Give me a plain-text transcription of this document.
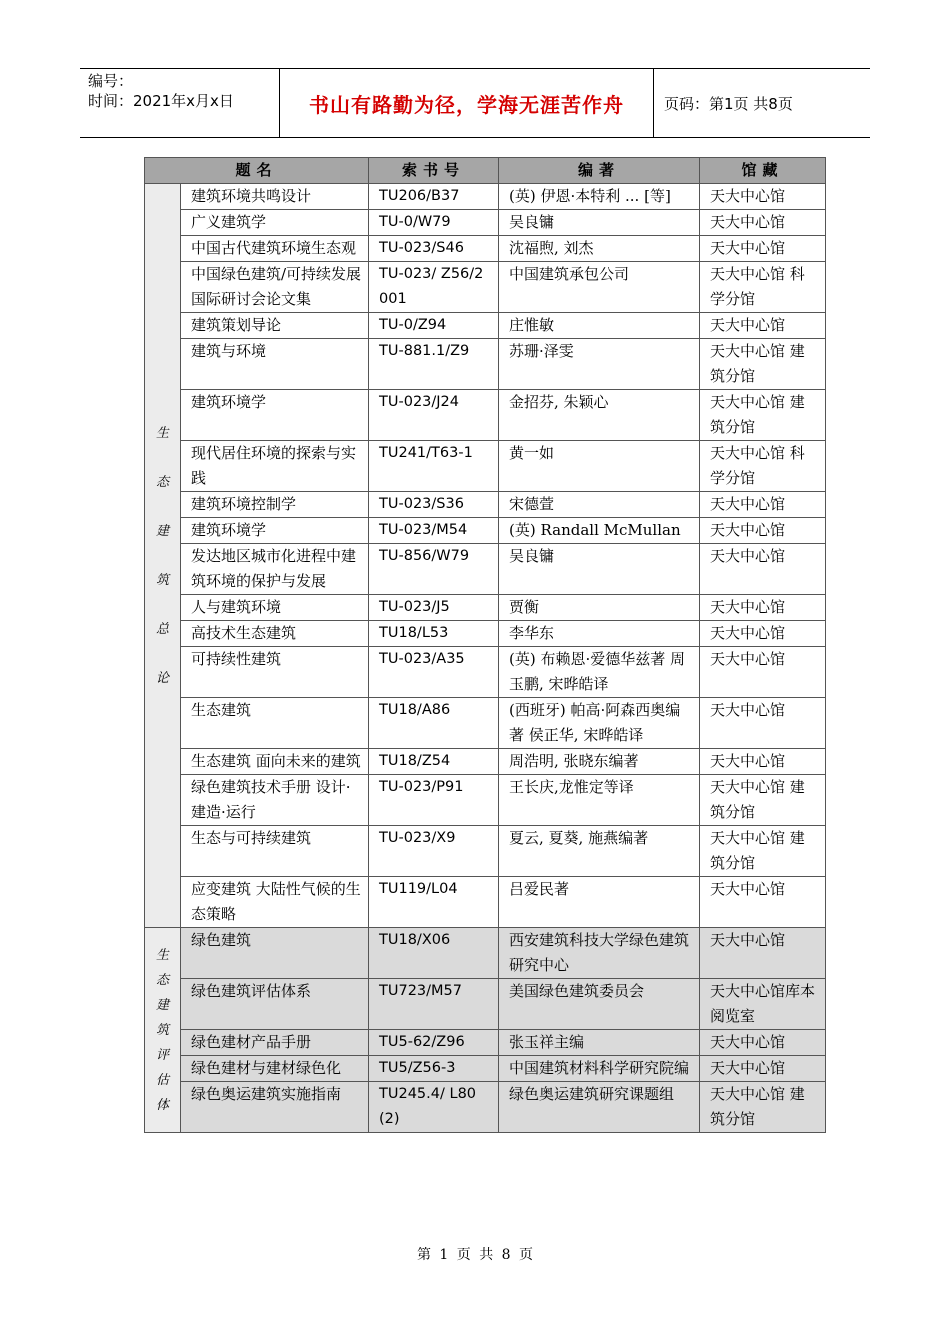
编号：
时间：2021年x月x日	书山有路勤为径，学海无涯苦作舟	页码：第1页 共8页
题名		索书号	编著	馆藏
生态建筑总论	建筑环境共鸣设计	TU206/B37	(英) 伊恩·本特利 ... [等]	天大中心馆
	广义建筑学	TU-0/W79	吴良镛	天大中心馆
	中国古代建筑环境生态观	TU-023/S46	沈福煦, 刘杰	天大中心馆
	中国绿色建筑/可持续发展国际研讨会论文集	TU-023/ Z56/2001	中国建筑承包公司	天大中心馆 科学分馆
	建筑策划导论	TU-0/Z94	庄惟敏	天大中心馆
	建筑与环境	TU-881.1/Z9	苏珊·泽雯	天大中心馆 建筑分馆
	建筑环境学	TU-023/J24	金招芬, 朱颖心	天大中心馆 建筑分馆
	现代居住环境的探索与实践	TU241/T63-1	黄一如	天大中心馆 科学分馆
	建筑环境控制学	TU-023/S36	宋德萱	天大中心馆
	建筑环境学	TU-023/M54	(英) Randall McMullan	天大中心馆
	发达地区城市化进程中建筑环境的保护与发展	TU-856/W79	吴良镛	天大中心馆
	人与建筑环境	TU-023/J5	贾衡	天大中心馆
	高技术生态建筑	TU18/L53	李华东	天大中心馆
	可持续性建筑	TU-023/A35	(英) 布赖恩·爱德华兹著 周玉鹏, 宋晔皓译	天大中心馆
	生态建筑	TU18/A86	(西班牙) 帕高·阿森西奥编著 侯正华, 宋晔皓译	天大中心馆
	生态建筑 面向未来的建筑	TU18/Z54	周浩明, 张晓东编著	天大中心馆
	绿色建筑技术手册 设计·建造·运行	TU-023/P91	王长庆,龙惟定等译	天大中心馆 建筑分馆
	生态与可持续建筑	TU-023/X9	夏云, 夏葵, 施燕编著	天大中心馆 建筑分馆
	应变建筑 大陆性气候的生态策略	TU119/L04	吕爱民著	天大中心馆
生态建筑评估体	绿色建筑	TU18/X06	西安建筑科技大学绿色建筑研究中心	天大中心馆
	绿色建筑评估体系	TU723/M57	美国绿色建筑委员会	天大中心馆库本阅览室
	绿色建材产品手册	TU5-62/Z96	张玉祥主编	天大中心馆
	绿色建材与建材绿色化	TU5/Z56-3	中国建筑材料科学研究院编	天大中心馆
	绿色奥运建筑实施指南	TU245.4/ L80(2)	绿色奥运建筑研究课题组	天大中心馆 建筑分馆
第 1 页 共 8 页
